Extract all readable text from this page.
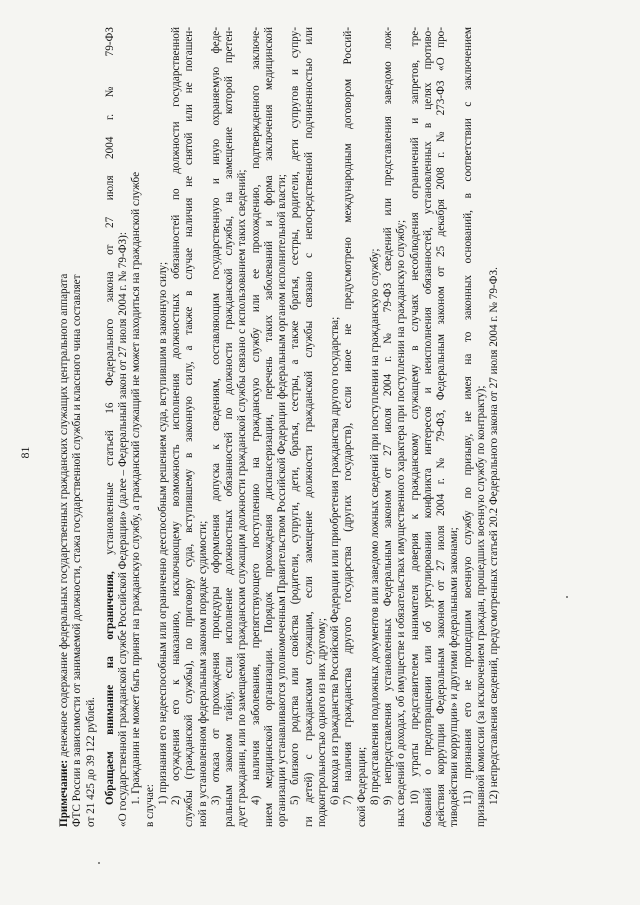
81
Примечание: денежное содержание федеральных государственных гражданских служащих центрального аппарата ФТС России в зависимости от занимаемой должности, стажа государственной службы и классного чина составляет от 21 425 до 39 122 рублей. Обращаем внимание на ограничения, установленные статьей 16 Федерального закона от 27 июля 2004 г. № 79-ФЗ «О государственной гражданской службе Российской Федерации» (далее – Федеральный закон от 27 июля 2004 г. № 79-ФЗ): 1. Гражданин не может быть принят на гражданскую службу, а гражданский служащий не может находиться на гражданской службе
в случае:
1) признания его недееспособным или ограниченно дееспособным решением суда, вступившим в законную силу; 2) осуждения его к наказанию, исключающему возможность исполнения должностных обязанностей по должности государственной службы (гражданской службы), по приговору суда, вступившему в законную силу, а также в случае наличия не снятой или не погашен- ной в установленном федеральным законом порядке судимости; 3) отказа от прохождения процедуры оформления допуска к сведениям, составляющим государственную и иную охраняемую феде- ральным законом тайну, если исполнение должностных обязанностей по должности гражданской службы, на замещение которой претен- дует гражданин, или по замещаемой гражданским служащим должности гражданской службы связано с использованием таких сведений; 4) наличия заболевания, препятствующего поступлению на гражданскую службу или ее прохождению, подтвержденного заключе- нием медицинской организации. Порядок прохождения диспансеризации, перечень таких заболеваний и форма заключения медицинской организации устанавливаются уполномоченным Правительством Российской Федерации федеральным органом исполнительной власти; 5) близкого родства или свойства (родители, супруги, дети, братья, сестры, а также братья, сестры, родители, дети супругов и супру- ги детей) с гражданским служащим, если замещение должности гражданской службы связано с непосредственной подчиненностью или подконтрольностью одного из них другому; 6) выхода из гражданства Российской Федерации или приобретения гражданства другого государства; 7) наличия гражданства другого государства (других государств), если иное не предусмотрено международным договором Россий- ской Федерации; 8) представления подложных документов или заведомо ложных сведений при поступлении на гражданскую службу; 9) непредставления установленных Федеральным законом от 27 июля 2004 г. № 79-ФЗ сведений или представления заведомо лож- ных сведений о доходах, об имуществе и обязательствах имущественного характера при поступлении на гражданскую службу; 10) утраты представителем нанимателя доверия к гражданскому служащему в случаях несоблюдения ограничений и запретов, тре- бований о предотвращении или об урегулировании конфликта интересов и неисполнения обязанностей, установленных в целях противо- действия коррупции Федеральным законом от 27 июля 2004 г. № 79-ФЗ, Федеральным законом от 25 декабря 2008 г. № 273-ФЗ «О про- тиводействии коррупции» и другими федеральными законами; 11) признания его не прошедшим военную службу по призыву, не имея на то законных оснований, в соответствии с заключением призывной комиссии (за исключением граждан, прошедших военную службу по контракту); 12) непредставления сведений, предусмотренных статьей 20.2 Федерального закона от 27 июля 2004 г. № 79-ФЗ.
